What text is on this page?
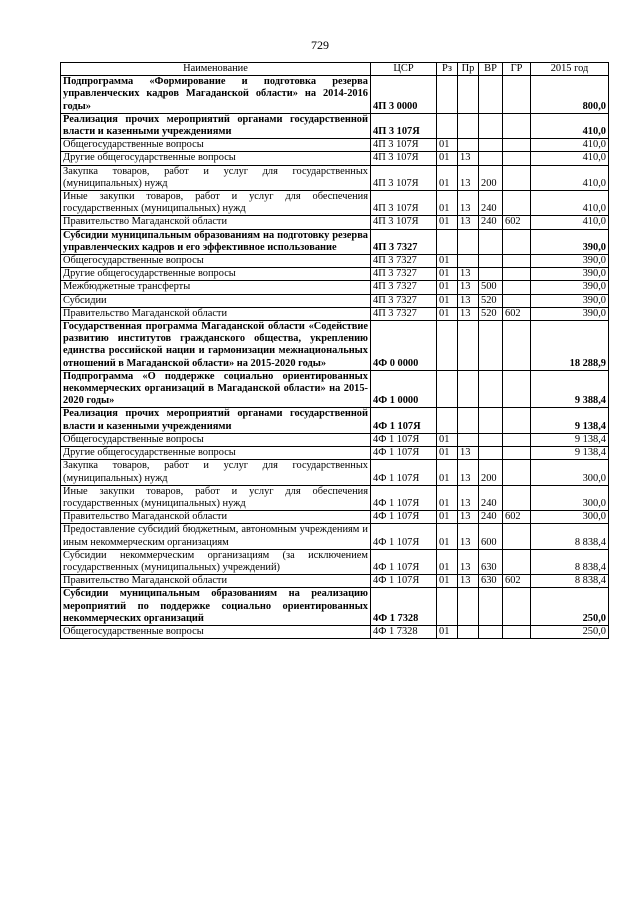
729
Наименование	ЦСР	Рз	Пр	ВР	ГР	2015 год
Подпрограмма «Формирование и подготовка резерва управленческих кадров Магаданской области» на 2014-2016 годы»	4П 3 0000					800,0
Реализация прочих мероприятий органами государственной власти и казенными учреждениями	4П 3 107Я					410,0
Общегосударственные вопросы	4П 3 107Я	01				410,0
Другие общегосударственные вопросы	4П 3 107Я	01	13			410,0
Закупка товаров, работ и услуг для государственных (муниципальных) нужд	4П 3 107Я	01	13	200		410,0
Иные закупки товаров, работ и услуг для обеспечения государственных (муниципальных) нужд	4П 3 107Я	01	13	240		410,0
Правительство Магаданской области	4П 3 107Я	01	13	240	602	410,0
Субсидии муниципальным образованиям на подготовку резерва управленческих кадров и его эффективное использование	4П 3 7327					390,0
Общегосударственные вопросы	4П 3 7327	01				390,0
Другие общегосударственные вопросы	4П 3 7327	01	13			390,0
Межбюджетные трансферты	4П 3 7327	01	13	500		390,0
Субсидии	4П 3 7327	01	13	520		390,0
Правительство Магаданской области	4П 3 7327	01	13	520	602	390,0
Государственная программа Магаданской области «Содействие развитию институтов гражданского общества, укреплению единства российской нации и гармонизации межнациональных отношений в Магаданской области» на 2015-2020 годы»	4Ф 0 0000					18 288,9
Подпрограмма «О поддержке социально ориентированных некоммерческих организаций в Магаданской области» на 2015-2020 годы»	4Ф 1 0000					9 388,4
Реализация прочих мероприятий органами государственной власти и казенными учреждениями	4Ф 1 107Я					9 138,4
Общегосударственные вопросы	4Ф 1 107Я	01				9 138,4
Другие общегосударственные вопросы	4Ф 1 107Я	01	13			9 138,4
Закупка товаров, работ и услуг для государственных (муниципальных) нужд	4Ф 1 107Я	01	13	200		300,0
Иные закупки товаров, работ и услуг для обеспечения государственных (муниципальных) нужд	4Ф 1 107Я	01	13	240		300,0
Правительство Магаданской области	4Ф 1 107Я	01	13	240	602	300,0
Предоставление субсидий бюджетным, автономным учреждениям и иным некоммерческим организациям	4Ф 1 107Я	01	13	600		8 838,4
Субсидии некоммерческим организациям (за исключением государственных (муниципальных) учреждений)	4Ф 1 107Я	01	13	630		8 838,4
Правительство Магаданской области	4Ф 1 107Я	01	13	630	602	8 838,4
Субсидии муниципальным образованиям на реализацию мероприятий по поддержке социально ориентированных некоммерческих организаций	4Ф 1 7328					250,0
Общегосударственные вопросы	4Ф 1 7328	01				250,0
